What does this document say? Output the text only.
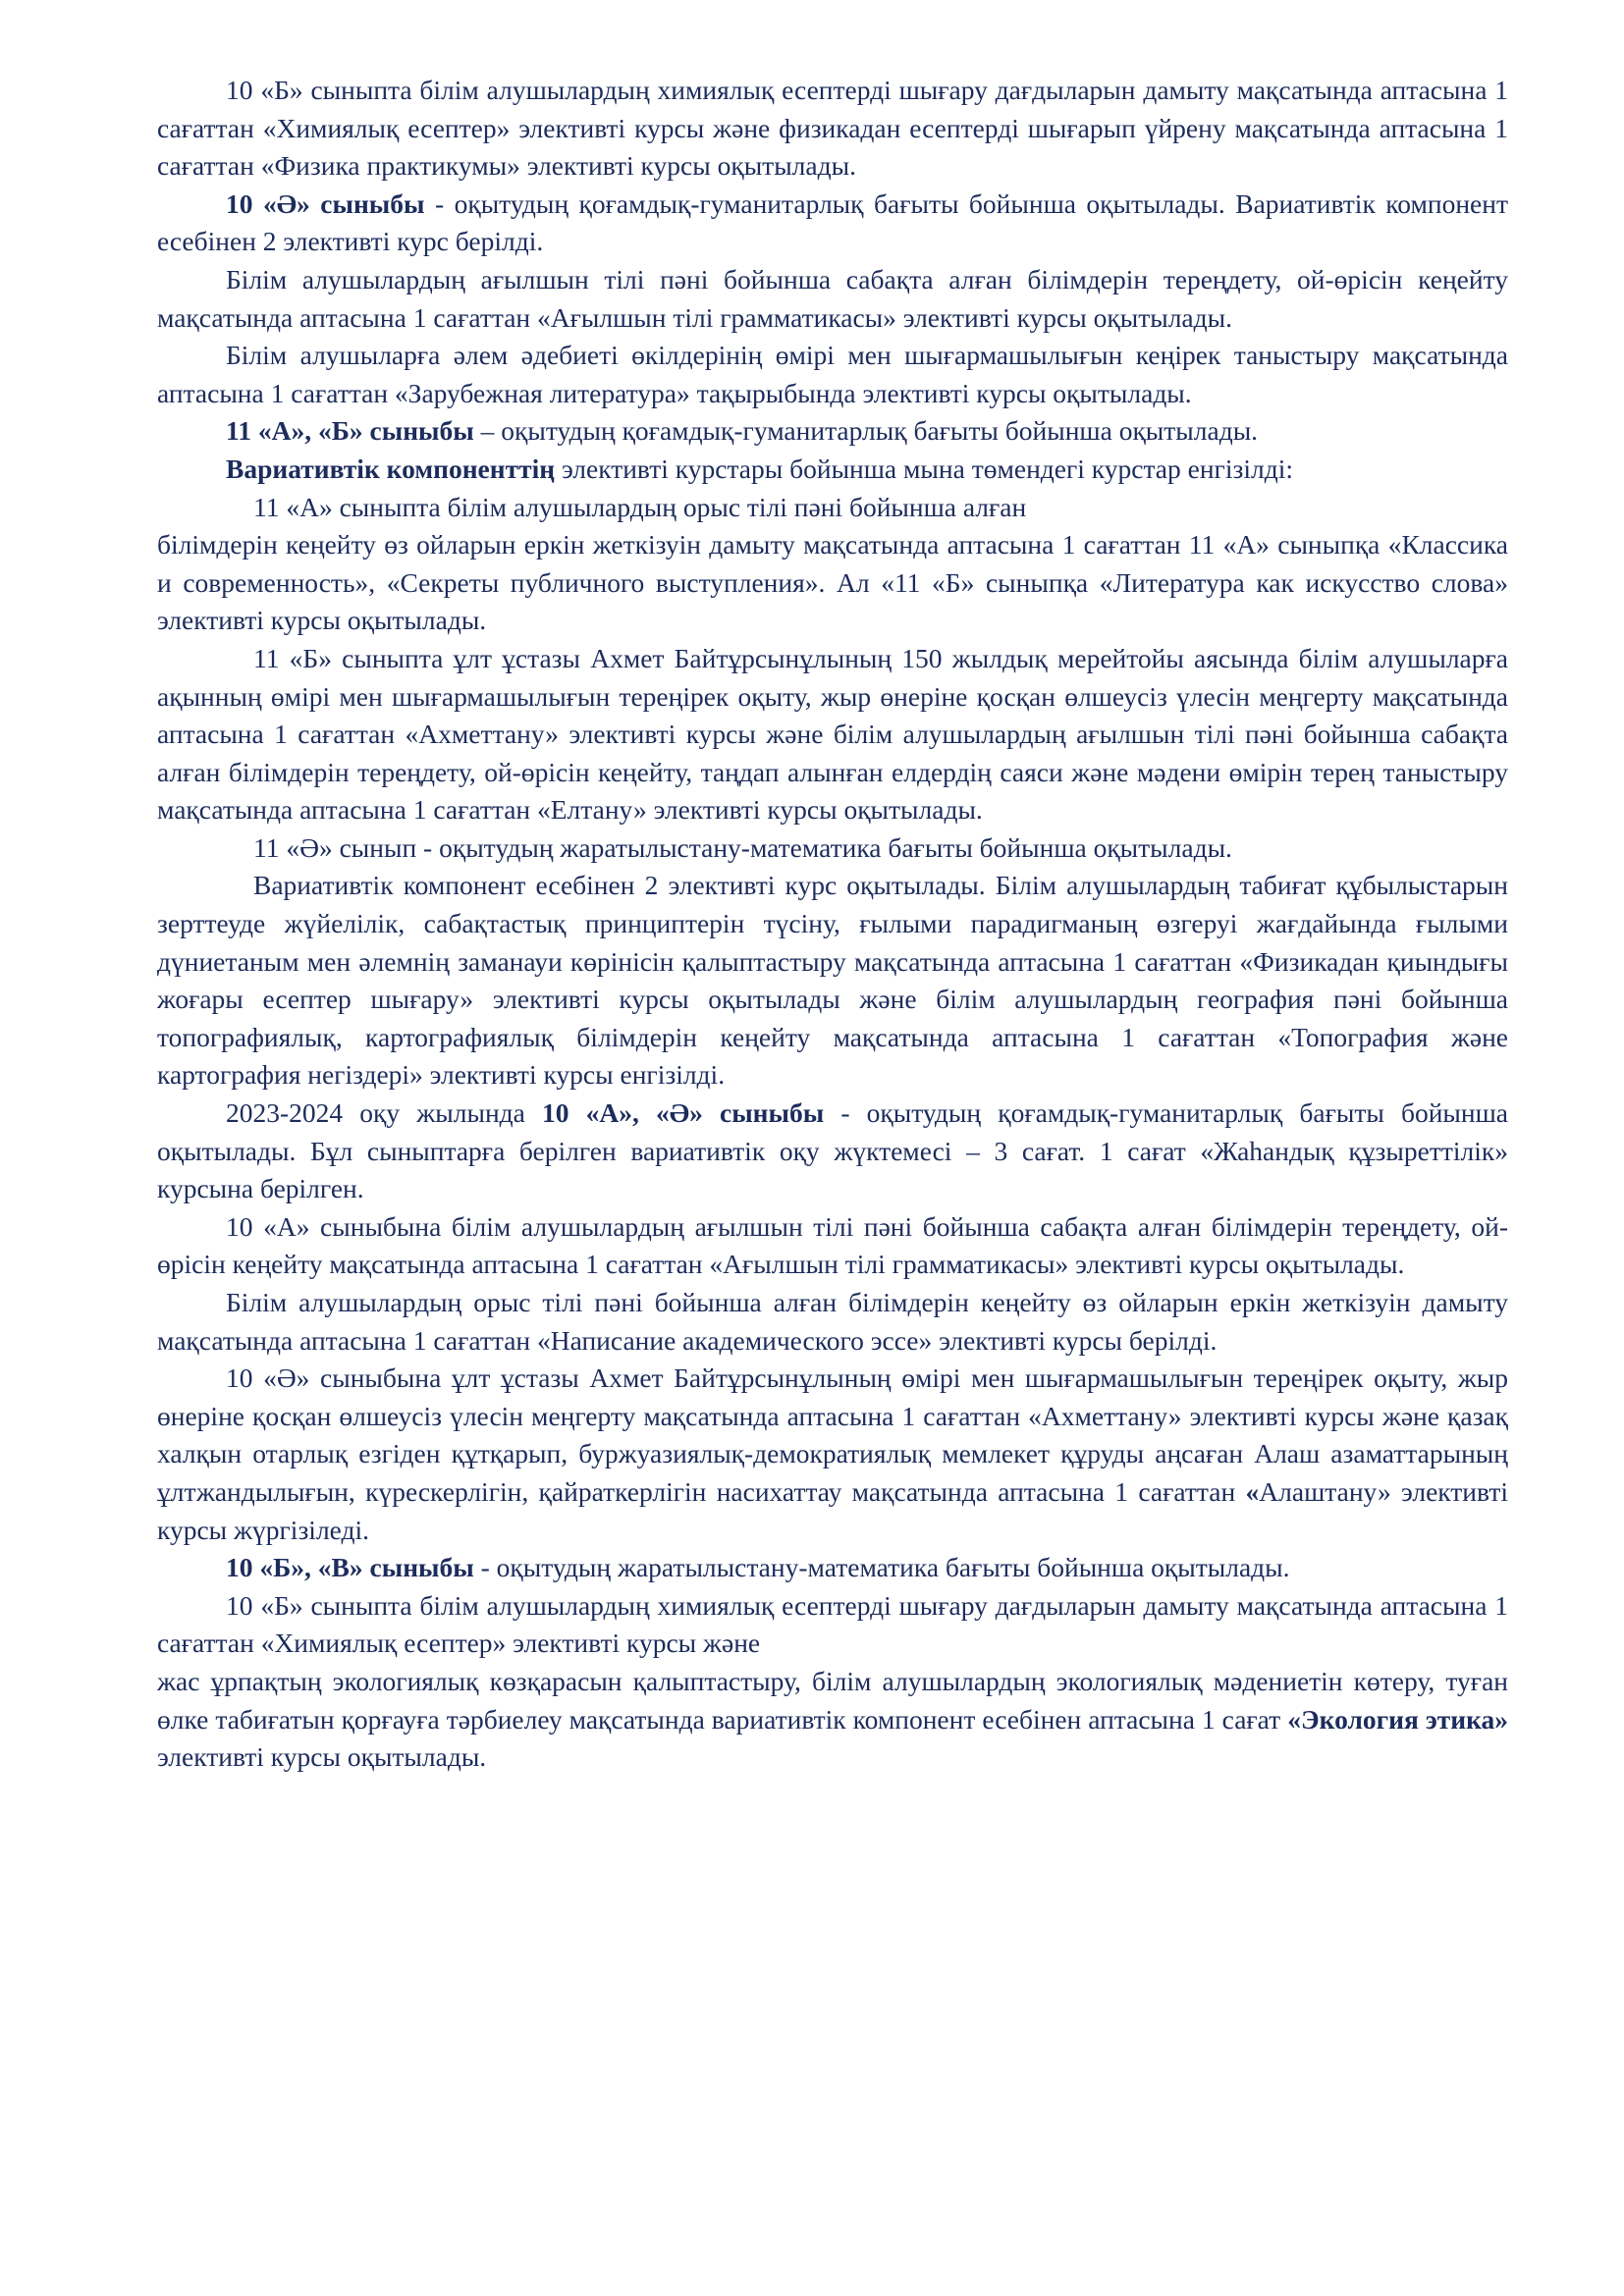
10 «Б» сыныпта білім алушылардың химиялық есептерді шығару дағдыларын дамыту мақсатында аптасына 1 сағаттан «Химиялық есептер» элективті курсы және физикадан есептерді шығарып үйрену мақсатында аптасына 1 сағаттан «Физика практикумы» элективті курсы оқытылады.

10 «Ә» сыныбы - оқытудың қоғамдық-гуманитарлық бағыты бойынша оқытылады. Вариативтік компонент есебінен 2 элективті курс берілді.

Білім алушылардың ағылшын тілі пәні бойынша сабақта алған білімдерін тереңдету, ой-өрісін кеңейту мақсатында аптасына 1 сағаттан «Ағылшын тілі грамматикасы» элективті курсы оқытылады.

Білім алушыларға әлем әдебиеті өкілдерінің өмірі мен шығармашылығын кеңірек таныстыру мақсатында аптасына 1 сағаттан «Зарубежная литература» тақырыбында элективті курсы оқытылады.

11 «А», «Б» сыныбы – оқытудың қоғамдық-гуманитарлық бағыты бойынша оқытылады.

Вариативтік компоненттің элективті курстары бойынша мына төмендегі курстар енгізілді:

11 «А» сыныпта білім алушылардың орыс тілі пәні бойынша алған

білімдерін кеңейту өз ойларын еркін жеткізуін дамыту мақсатында аптасына 1 сағаттан 11 «А» сыныпқа «Классика и современность», «Секреты публичного выступления». Ал «11 «Б» сыныпқа «Литература как искусство слова» элективті курсы оқытылады.

11 «Б» сыныпта ұлт ұстазы Ахмет Байтұрсынұлының 150 жылдық мерейтойы аясында білім алушыларға ақынның өмірі мен шығармашылығын тереңірек оқыту, жыр өнеріне қосқан өлшеусіз үлесін меңгерту мақсатында аптасына 1 сағаттан «Ахметтану» элективті курсы және білім алушылардың ағылшын тілі пәні бойынша сабақта алған білімдерін тереңдету, ой-өрісін кеңейту, таңдап алынған елдердің саяси және мәдени өмірін терең таныстыру мақсатында аптасына 1 сағаттан «Елтану» элективті курсы оқытылады.

11 «Ә» сынып - оқытудың жаратылыстану-математика бағыты бойынша оқытылады.

Вариативтік компонент есебінен 2 элективті курс оқытылады. Білім алушылардың табиғат құбылыстарын зерттеуде жүйелілік, сабақтастық принциптерін түсіну, ғылыми парадигманың өзгеруі жағдайында ғылыми дүниетаным мен әлемнің заманауи көрінісін қалыптастыру мақсатында аптасына 1 сағаттан «Физикадан қиындығы жоғары есептер шығару» элективті курсы оқытылады және білім алушылардың география пәні бойынша топографиялық, картографиялық білімдерін кеңейту мақсатында аптасына 1 сағаттан «Топография және картография негіздері» элективті курсы енгізілді.

2023-2024 оқу жылында 10 «А», «Ә» сыныбы - оқытудың қоғамдық-гуманитарлық бағыты бойынша оқытылады. Бұл сыныптарға берілген вариативтік оқу жүктемесі – 3 сағат. 1 сағат «Жаһандық құзыреттілік» курсына берілген.

10 «А» сыныбына білім алушылардың ағылшын тілі пәні бойынша сабақта алған білімдерін тереңдету, ой-өрісін кеңейту мақсатында аптасына 1 сағаттан «Ағылшын тілі грамматикасы» элективті курсы оқытылады.

Білім алушылардың орыс тілі пәні бойынша алған білімдерін кеңейту өз ойларын еркін жеткізуін дамыту мақсатында аптасына 1 сағаттан «Написание академического эссе» элективті курсы берілді.

10 «Ә» сыныбына ұлт ұстазы Ахмет Байтұрсынұлының өмірі мен шығармашылығын тереңірек оқыту, жыр өнеріне қосқан өлшеусіз үлесін меңгерту мақсатында аптасына 1 сағаттан «Ахметтану» элективті курсы және қазақ халқын отарлық езгіден құтқарып, буржуазиялық-демократиялық мемлекет құруды аңсаған Алаш азаматтарының ұлтжандылығын, күрескерлігін, қайраткерлігін насихаттау мақсатында аптасына 1 сағаттан «Алаштану» элективті курсы жүргізіледі.

10 «Б», «В» сыныбы - оқытудың жаратылыстану-математика бағыты бойынша оқытылады.

10 «Б» сыныпта білім алушылардың химиялық есептерді шығару дағдыларын дамыту мақсатында аптасына 1 сағаттан «Химиялық есептер» элективті курсы және

жас ұрпақтың экологиялық көзқарасын қалыптастыру, білім алушылардың экологиялық мәдениетін көтеру, туған өлке табиғатын қорғауға тәрбиелеу мақсатында вариативтік компонент есебінен аптасына 1 сағат «Экология этика» элективті курсы оқытылады.
